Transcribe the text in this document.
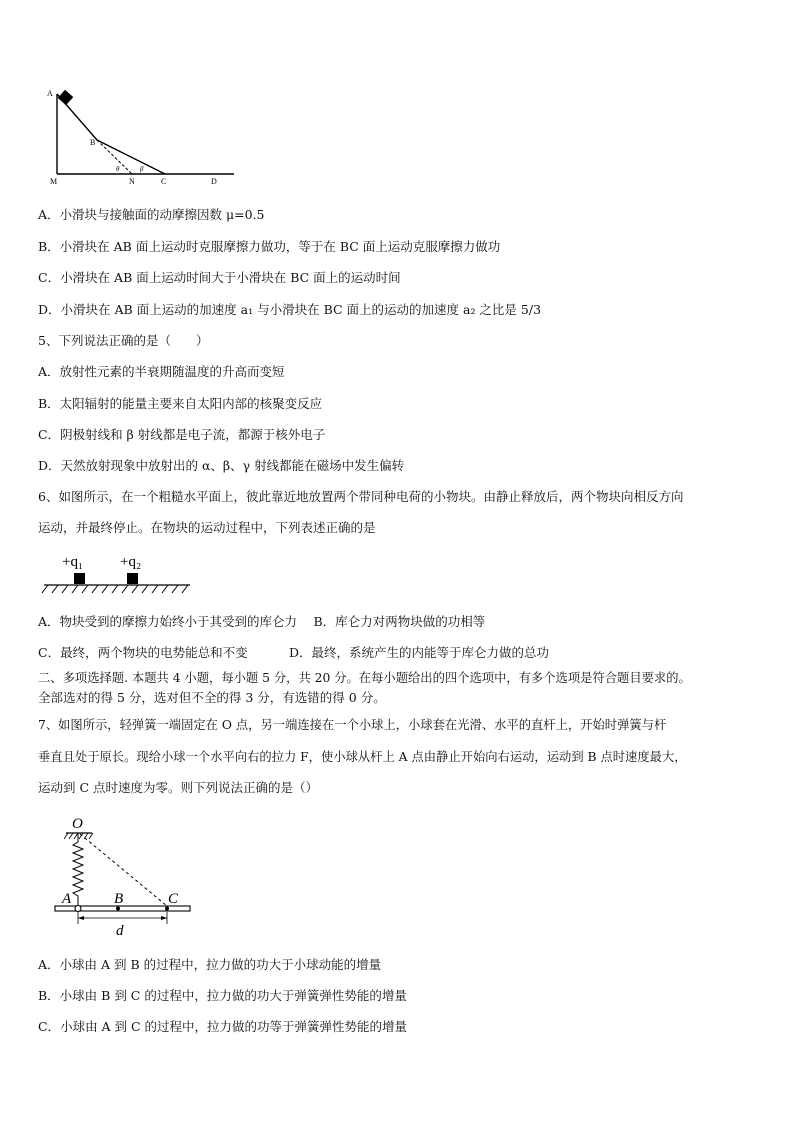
A
B
M	N	C	D
θ	β
A．小滑块与接触面的动摩擦因数 μ=0.5
B．小滑块在 AB 面上运动时克服摩擦力做功，等于在 BC 面上运动克服摩擦力做功
C．小滑块在 AB 面上运动时间大于小滑块在 BC 面上的运动时间
D．小滑块在 AB 面上运动的加速度 a₁ 与小滑块在 BC 面上的运动的加速度 a₂ 之比是 5/3
5、下列说法正确的是（　　）
A．放射性元素的半衰期随温度的升高而变短
B．太阳辐射的能量主要来自太阳内部的核聚变反应
C．阴极射线和 β 射线都是电子流，都源于核外电子
D．天然放射现象中放射出的 α、β、γ 射线都能在磁场中发生偏转
6、如图所示，在一个粗糙水平面上，彼此靠近地放置两个带同种电荷的小物块。由静止释放后，两个物块向相反方向
运动，并最终停止。在物块的运动过程中，下列表述正确的是
+q₁ +q₂
A．物块受到的摩擦力始终小于其受到的库仑力　 B．库仑力对两物块做的功相等
C．最终，两个物块的电势能总和不变　　　 D．最终，系统产生的内能等于库仑力做的总功
二、多项选择题. 本题共 4 小题，每小题 5 分，共 20 分。在每小题给出的四个选项中，有多个选项是符合题目要求的。
全部选对的得 5 分，选对但不全的得 3 分，有选错的得 0 分。
7、如图所示，轻弹簧一端固定在 O 点，另一端连接在一个小球上，小球套在光滑、水平的直杆上，开始时弹簧与杆
垂直且处于原长。现给小球一个水平向右的拉力 F，使小球从杆上 A 点由静止开始向右运动，运动到 B 点时速度最大，
运动到 C 点时速度为零。则下列说法正确的是（）
O
A	B	C
d
A．小球由 A 到 B 的过程中，拉力做的功大于小球动能的增量
B．小球由 B 到 C 的过程中，拉力做的功大于弹簧弹性势能的增量
C．小球由 A 到 C 的过程中，拉力做的功等于弹簧弹性势能的增量
